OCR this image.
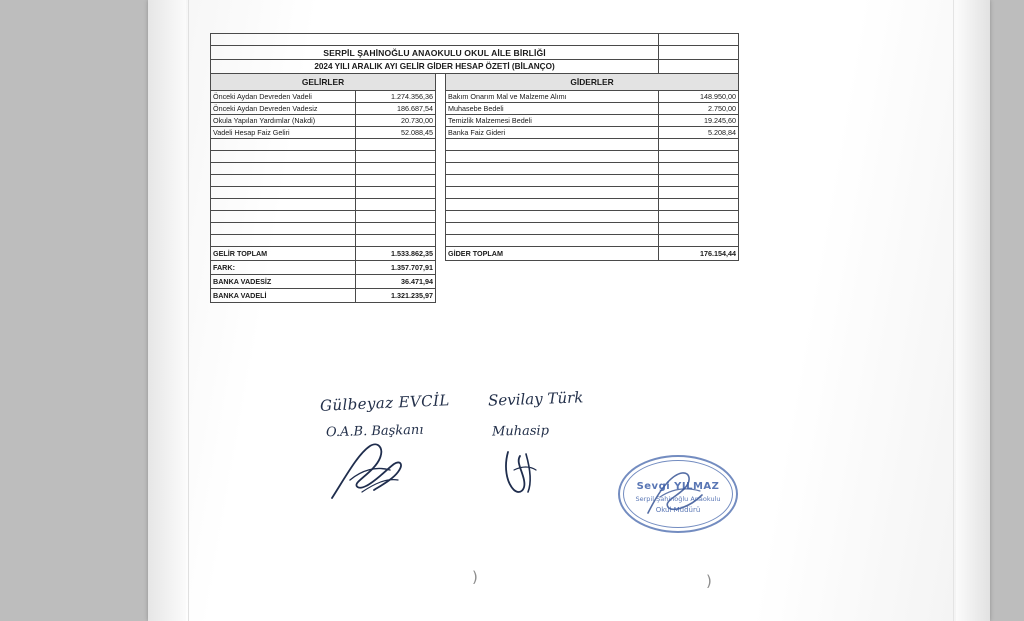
SERPİL ŞAHİNOĞLU ANAOKULU OKUL AİLE BİRLİĞİ				
2024 YILI ARALIK AYI GELİR GİDER HESAP ÖZETİ (BİLANÇO)				
GELİRLER			GİDERLER	
Önceki Aydan Devreden Vadeli	1.274.356,36		Bakım Onarım Mal ve Malzeme Alımı	148.950,00
Önceki Aydan Devreden Vadesiz	186.687,54		Muhasebe Bedeli	2.750,00
Okula Yapılan Yardımlar (Nakdi)	20.730,00		Temizlik Malzemesi Bedeli	19.245,60
Vadeli Hesap Faiz Geliri	52.088,45		Banka Faiz Gideri	5.208,84

GELİR TOPLAM	1.533.862,35		GİDER TOPLAM	176.154,44
FARK:	1.357.707,91			
BANKA VADESİZ	36.471,94			
BANKA VADELİ	1.321.235,97			
Gülbeyaz EVCİL
O.A.B. Başkanı
Sevilay Türk
Muhasip
Sevgi YILMAZ
Serpil Şahinoğlu Anaokulu
Okul Müdürü
)	)
